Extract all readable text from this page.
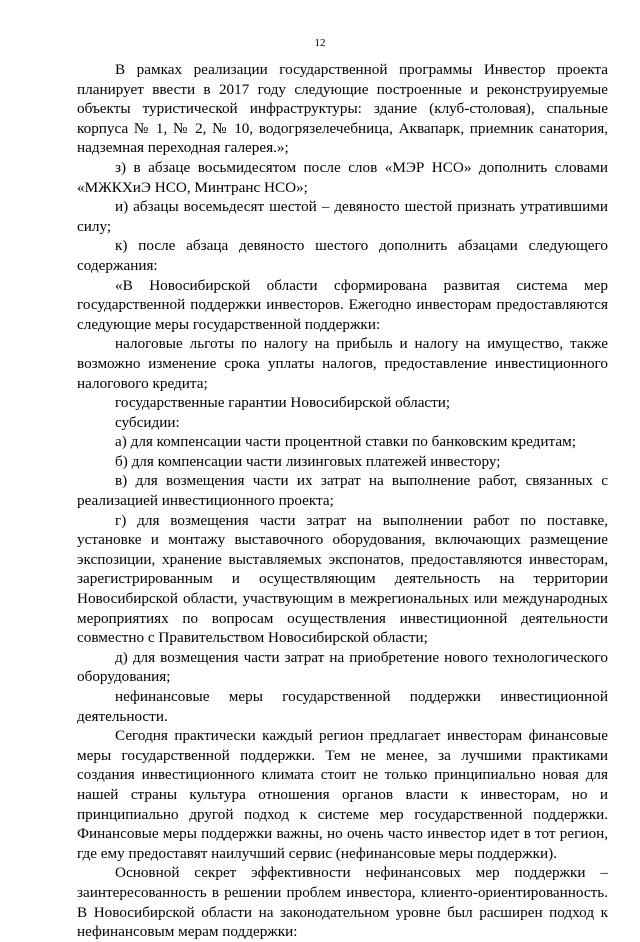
12

В рамках реализации государственной программы Инвестор проекта планирует ввести в 2017 году следующие построенные и реконструируемые объекты туристической инфраструктуры: здание (клуб-столовая), спальные корпуса № 1, № 2, № 10, водогрязелечебница, Аквапарк, приемник санатория, надземная переходная галерея.»;

з) в абзаце восьмидесятом после слов «МЭР НСО» дополнить словами «МЖКХиЭ НСО, Минтранс НСО»;

и) абзацы восемьдесят шестой – девяносто шестой признать утратившими силу;

к) после абзаца девяносто шестого дополнить абзацами следующего содержания:

«В Новосибирской области сформирована развитая система мер государственной поддержки инвесторов. Ежегодно инвесторам предоставляются следующие меры государственной поддержки:

налоговые льготы по налогу на прибыль и налогу на имущество, также возможно изменение срока уплаты налогов, предоставление инвестиционного налогового кредита;

государственные гарантии Новосибирской области;

субсидии:

а) для компенсации части процентной ставки по банковским кредитам;

б) для компенсации части лизинговых платежей инвестору;

в) для возмещения части их затрат на выполнение работ, связанных с реализацией инвестиционного проекта;

г) для возмещения части затрат на выполнении работ по поставке, установке и монтажу выставочного оборудования, включающих размещение экспозиции, хранение выставляемых экспонатов, предоставляются инвесторам, зарегистрированным и осуществляющим деятельность на территории Новосибирской области, участвующим в межрегиональных или международных мероприятиях по вопросам осуществления инвестиционной деятельности совместно с Правительством Новосибирской области;

д) для возмещения части затрат на приобретение нового технологического оборудования;

нефинансовые меры государственной поддержки инвестиционной деятельности.

Сегодня практически каждый регион предлагает инвесторам финансовые меры государственной поддержки. Тем не менее, за лучшими практиками создания инвестиционного климата стоит не только принципиально новая для нашей страны культура отношения органов власти к инвесторам, но и принципиально другой подход к системе мер государственной поддержки. Финансовые меры поддержки важны, но очень часто инвестор идет в тот регион, где ему предоставят наилучший сервис (нефинансовые меры поддержки).

Основной секрет эффективности нефинансовых мер поддержки – заинтересованность в решении проблем инвестора, клиенто-ориентированность. В Новосибирской области на законодательном уровне был расширен подход к нефинансовым мерам поддержки:
